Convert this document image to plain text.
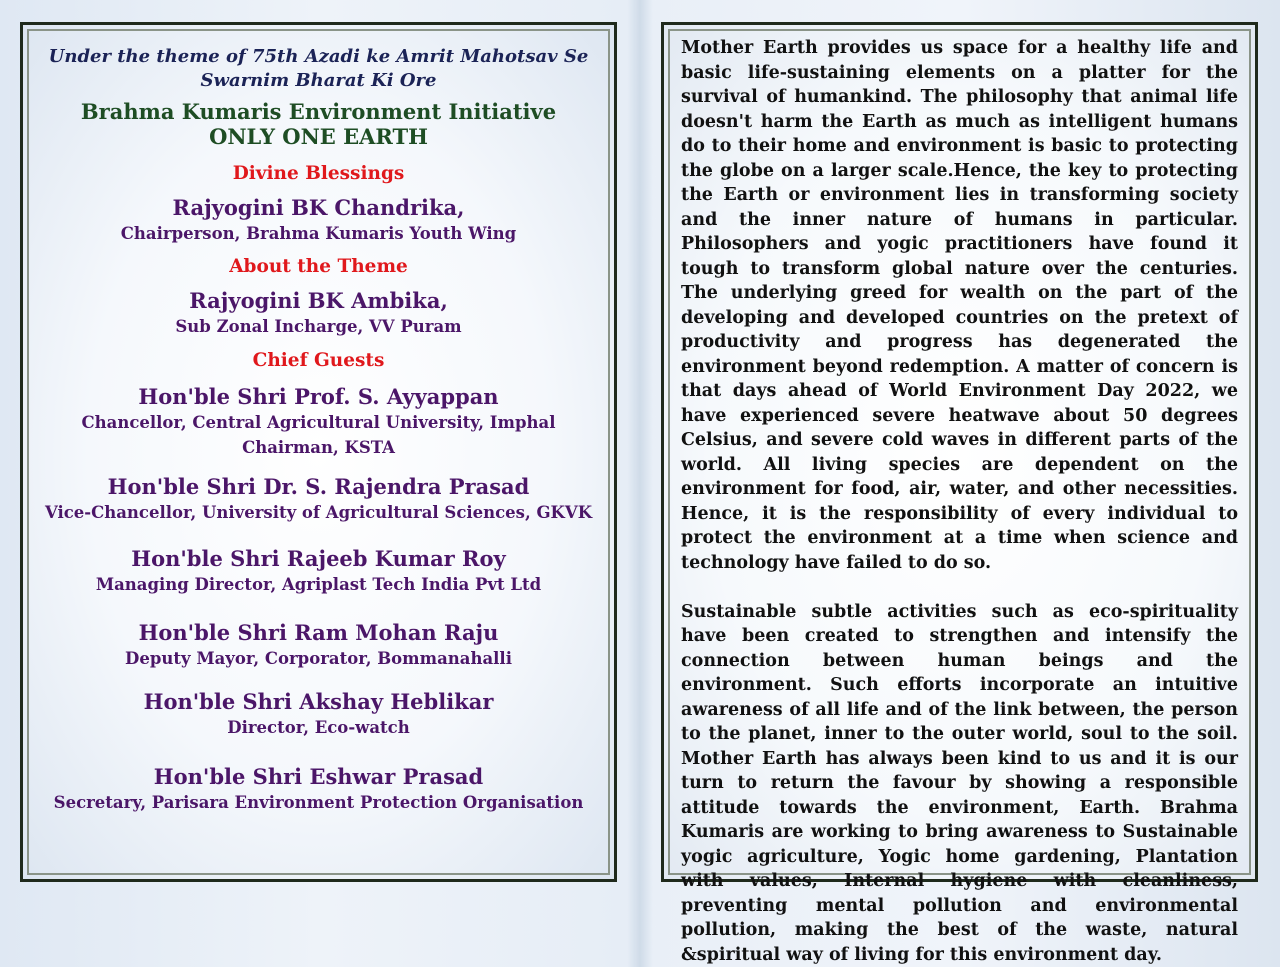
Under the theme of 75th Azadi ke Amrit Mahotsav Se

Swarnim Bharat Ki Ore

Brahma Kumaris Environment Initiative

ONLY ONE EARTH

Divine Blessings

Rajyogini BK Chandrika,

Chairperson, Brahma Kumaris Youth Wing

About the Theme

Rajyogini BK Ambika,

Sub Zonal Incharge, VV Puram

Chief Guests

Hon'ble Shri Prof. S. Ayyappan

Chancellor, Central Agricultural University, Imphal

Chairman, KSTA

Hon'ble Shri Dr. S. Rajendra Prasad

Vice-Chancellor, University of Agricultural Sciences, GKVK

Hon'ble Shri Rajeeb Kumar Roy

Managing Director, Agriplast Tech India Pvt Ltd

Hon'ble Shri Ram Mohan Raju

Deputy Mayor, Corporator, Bommanahalli

Hon'ble Shri Akshay Heblikar

Director, Eco-watch

Hon'ble Shri Eshwar Prasad

Secretary, Parisara Environment Protection Organisation

Mother Earth provides us space for a healthy life and basic life-sustaining elements on a platter for the survival of humankind. The philosophy that animal life doesn't harm the Earth as much as intelligent humans do to their home and environment is basic to protecting the globe on a larger scale.Hence, the key to protecting the Earth or environment lies in transforming society and the inner nature of humans in particular. Philosophers and yogic practitioners have found it tough to transform global nature over the centuries. The underlying greed for wealth on the part of the developing and developed countries on the pretext of productivity and progress has degenerated the environment beyond redemption. A matter of concern is that days ahead of World Environment Day 2022, we have experienced severe heatwave about 50 degrees Celsius, and severe cold waves in different parts of the world. All living species are dependent on the environment for food, air, water, and other necessities. Hence, it is the responsibility of every individual to protect the environment at a time when science and technology have failed to do so.

Sustainable subtle activities such as eco-spirituality have been created to strengthen and intensify the connection between human beings and the environment. Such efforts incorporate an intuitive awareness of all life and of the link between, the person to the planet, inner to the outer world, soul to the soil. Mother Earth has always been kind to us and it is our turn to return the favour by showing a responsible attitude towards the environment, Earth. Brahma Kumaris are working to bring awareness to Sustainable yogic agriculture, Yogic home gardening, Plantation with values, Internal hygiene with cleanliness, preventing mental pollution and environmental pollution, making the best of the waste, natural &spiritual way of living for this environment day.
